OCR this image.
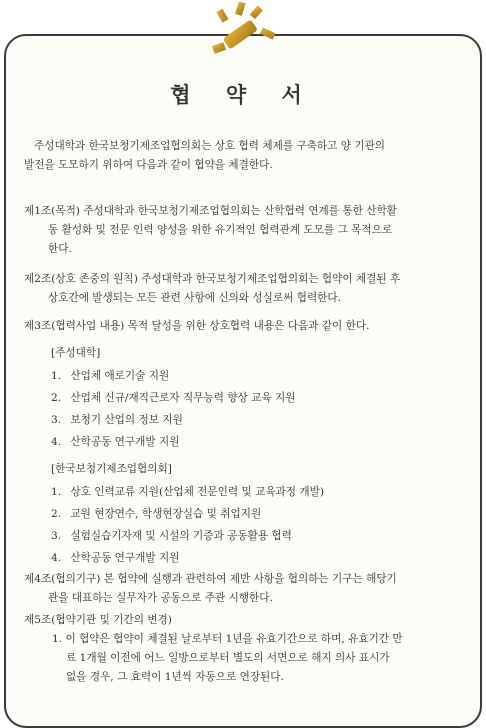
협 약 서
주성대학과 한국보청기제조업협의회는 상호 협력 체제를 구축하고 양 기관의
발전을 도모하기 위하여 다음과 같이 협약을 체결한다.
제1조(목적) 주성대학과 한국보청기제조업협의회는 산학협력 연계를 통한 산학활
동 활성화 및 전문 인력 양성을 위한 유기적인 협력관계 도모를 그 목적으로
한다.
제2조(상호 존중의 원칙) 주성대학과 한국보청기제조업협의회는 협약이 체결된 후
상호간에 발생되는 모든 관련 사항에 신의와 성실로써 협력한다.
제3조(협력사업 내용) 목적 달성을 위한 상호협력 내용은 다음과 같이 한다.

[주성대학]

1. 산업체 애로기술 지원
2. 산업체 신규/재직근로자 직무능력 향상 교육 지원
3. 보청기 산업의 정보 지원
4. 산학공동 연구개발 지원

[한국보청기제조업협의회]

1. 상호 인력교류 지원(산업체 전문인력 및 교육과정 개발)
2. 교원 현장연수, 학생현장실습 및 취업지원
3. 실험실습기자재 및 시설의 기증과 공동활용 협력
4. 산학공동 연구개발 지원
제4조(협의기구) 본 협약에 실행과 관련하여 제반 사항을 협의하는 기구는 해당기
관을 대표하는 실무자가 공동으로 주관 시행한다.
제5조(협약기관 및 기간의 변경)
1. 이 협약은 협약이 체결된 날로부터 1년을 유효기간으로 하며, 유효기간 만
료 1개월 이전에 어느 일방으로부터 별도의 서면으로 해지 의사 표시가
없을 경우, 그 효력이 1년씩 자동으로 연장된다.
